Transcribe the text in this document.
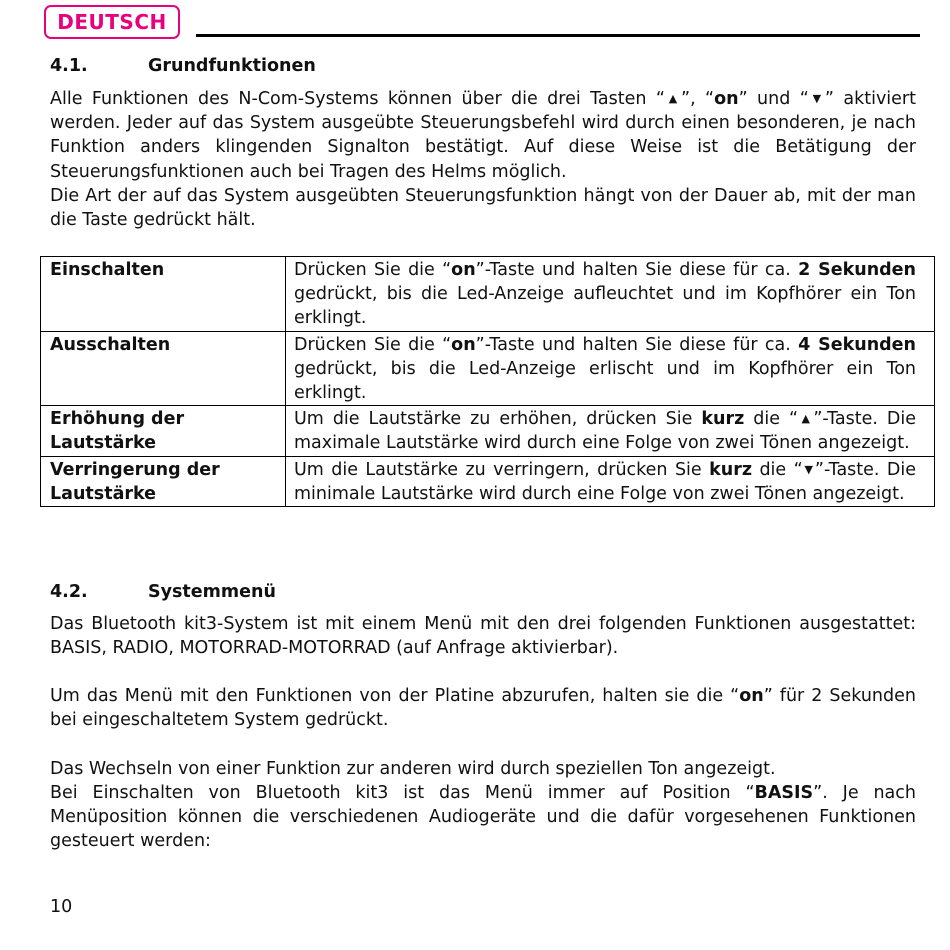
DEUTSCH
4.1.	Grundfunktionen
Alle Funktionen des N-Com-Systems können über die drei Tasten “▲”, “on” und “▼” aktiviert werden. Jeder auf das System ausgeübte Steuerungsbefehl wird durch einen besonderen, je nach Funktion anders klingenden Signalton bestätigt. Auf diese Weise ist die Betätigung der Steuerungsfunktionen auch bei Tragen des Helms möglich.
Die Art der auf das System ausgeübten Steuerungsfunktion hängt von der Dauer ab, mit der man die Taste gedrückt hält.
Einschalten	Drücken Sie die “on”-Taste und halten Sie diese für ca. 2 Sekunden gedrückt, bis die Led-Anzeige aufleuchtet und im Kopfhörer ein Ton erklingt.
Ausschalten	Drücken Sie die “on”-Taste und halten Sie diese für ca. 4 Sekunden gedrückt, bis die Led-Anzeige erlischt und im Kopfhörer ein Ton erklingt.
Erhöhung der Lautstärke	Um die Lautstärke zu erhöhen, drücken Sie kurz die “▲”-Taste. Die maximale Lautstärke wird durch eine Folge von zwei Tönen angezeigt.
Verringerung der Lautstärke	Um die Lautstärke zu verringern, drücken Sie kurz die “▼”-Taste. Die minimale Lautstärke wird durch eine Folge von zwei Tönen angezeigt.
4.2.	Systemmenü
Das Bluetooth kit3-System ist mit einem Menü mit den drei folgenden Funktionen ausgestattet: BASIS, RADIO, MOTORRAD-MOTORRAD (auf Anfrage aktivierbar).
Um das Menü mit den Funktionen von der Platine abzurufen, halten sie die “on” für 2 Sekunden bei eingeschaltetem System gedrückt.
Das Wechseln von einer Funktion zur anderen wird durch speziellen Ton angezeigt.
Bei Einschalten von Bluetooth kit3 ist das Menü immer auf Position “BASIS”. Je nach Menüposition können die verschiedenen Audiogeräte und die dafür vorgesehenen Funktionen gesteuert werden:
10
